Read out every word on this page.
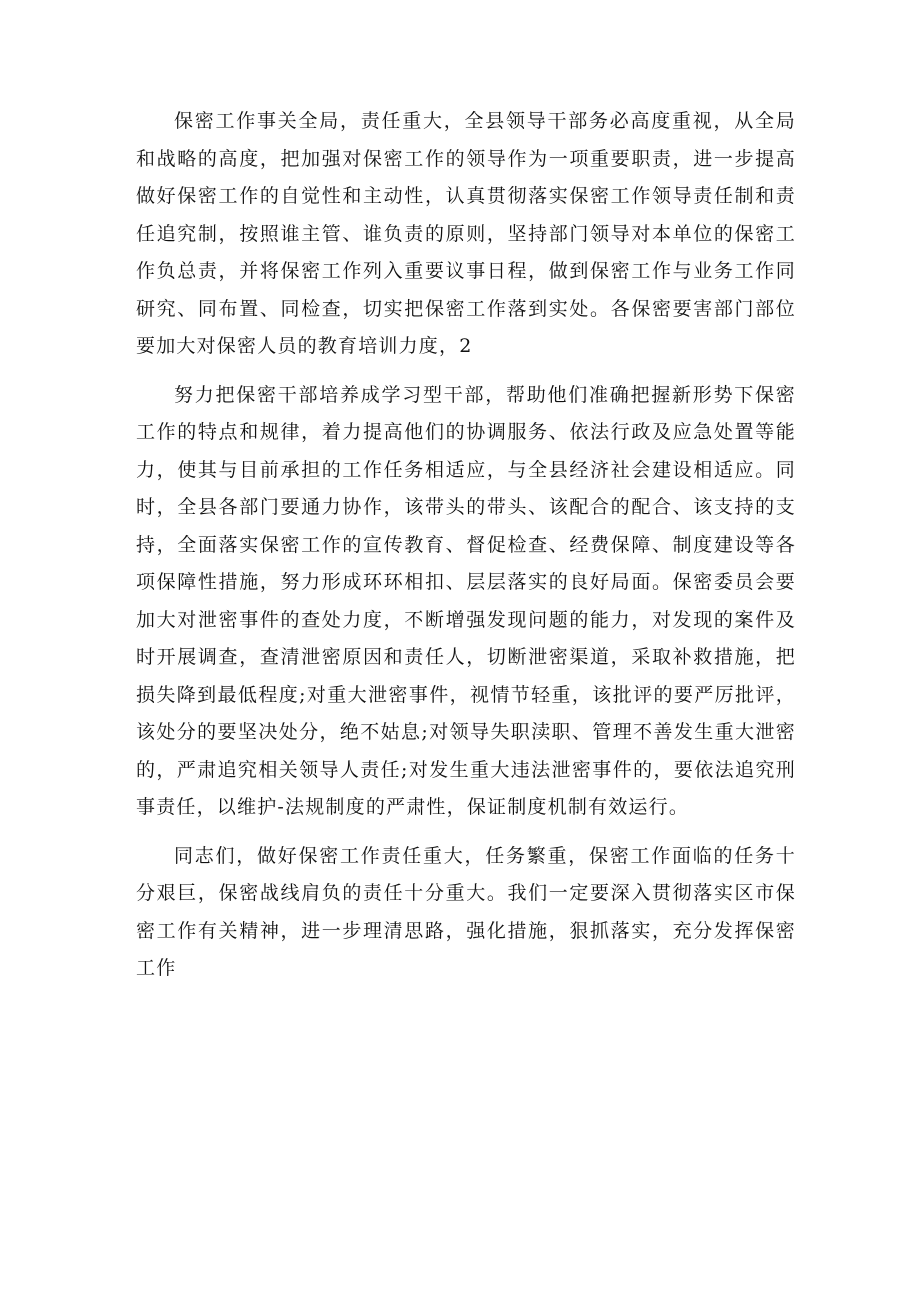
保密工作事关全局，责任重大，全县领导干部务必高度重视，从全局和战略的高度，把加强对保密工作的领导作为一项重要职责，进一步提高做好保密工作的自觉性和主动性，认真贯彻落实保密工作领导责任制和责任追究制，按照谁主管、谁负责的原则，坚持部门领导对本单位的保密工作负总责，并将保密工作列入重要议事日程，做到保密工作与业务工作同研究、同布置、同检查，切实把保密工作落到实处。各保密要害部门部位要加大对保密人员的教育培训力度，2

努力把保密干部培养成学习型干部，帮助他们准确把握新形势下保密工作的特点和规律，着力提高他们的协调服务、依法行政及应急处置等能力，使其与目前承担的工作任务相适应，与全县经济社会建设相适应。同时，全县各部门要通力协作，该带头的带头、该配合的配合、该支持的支持，全面落实保密工作的宣传教育、督促检查、经费保障、制度建设等各项保障性措施，努力形成环环相扣、层层落实的良好局面。保密委员会要加大对泄密事件的查处力度，不断增强发现问题的能力，对发现的案件及时开展调查，查清泄密原因和责任人，切断泄密渠道，采取补救措施，把损失降到最低程度;对重大泄密事件，视情节轻重，该批评的要严厉批评，该处分的要坚决处分，绝不姑息;对领导失职渎职、管理不善发生重大泄密的，严肃追究相关领导人责任;对发生重大违法泄密事件的，要依法追究刑事责任，以维护-法规制度的严肃性，保证制度机制有效运行。

同志们，做好保密工作责任重大，任务繁重，保密工作面临的任务十分艰巨，保密战线肩负的责任十分重大。我们一定要深入贯彻落实区市保密工作有关精神，进一步理清思路，强化措施，狠抓落实，充分发挥保密工作
